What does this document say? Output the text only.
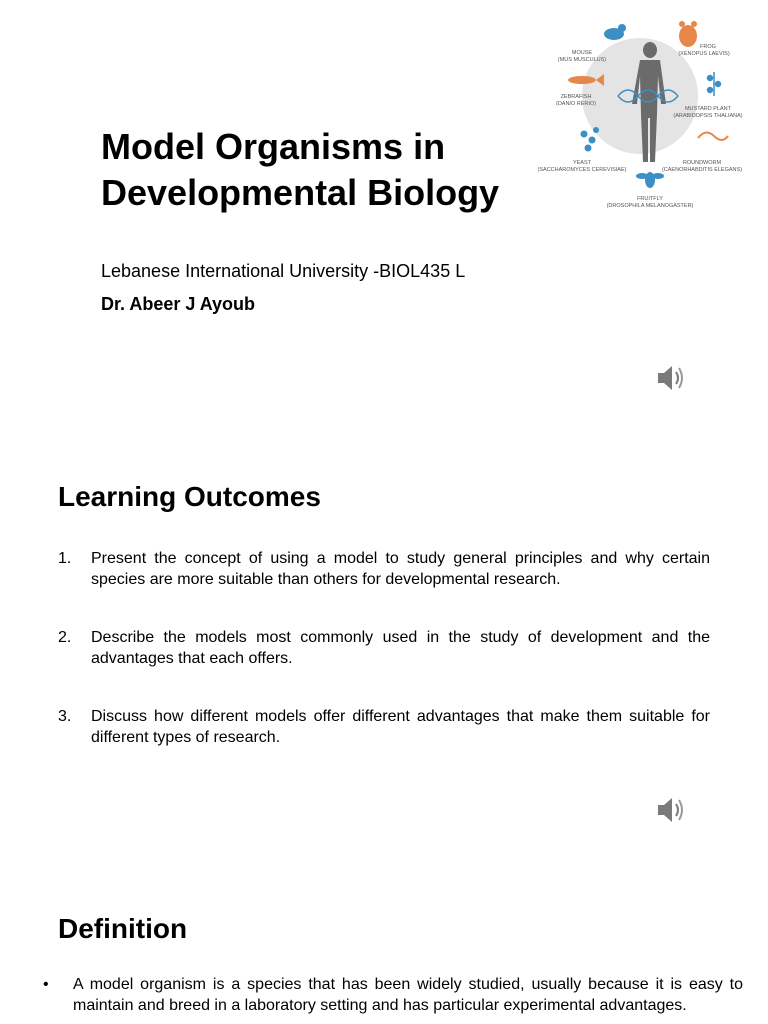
Model Organisms in Developmental Biology
Lebanese International University -BIOL435 L
Dr. Abeer J Ayoub
MOUSE
(MUS MUSCULUS)
FROG
(XENOPUS LAEVIS)
ZEBRAFISH
(DANIO RERIO)
MUSTARD PLANT
(ARABIDOPSIS THALIANA)
YEAST
(SACCHAROMYCES CEREVISIAE)
ROUNDWORM
(CAENORHABDITIS ELEGANS)
FRUITFLY
(DROSOPHILA MELANOGASTER)
Learning Outcomes
1. Present the concept of using a model to study general principles and why certain species are more suitable than others for developmental research.
2. Describe the models most commonly used in the study of development and the advantages that each offers.
3. Discuss how different models offer different advantages that make them suitable for different types of research.
Definition
• A model organism is a species that has been widely studied, usually because it is easy to maintain and breed in a laboratory setting and has particular experimental advantages.
